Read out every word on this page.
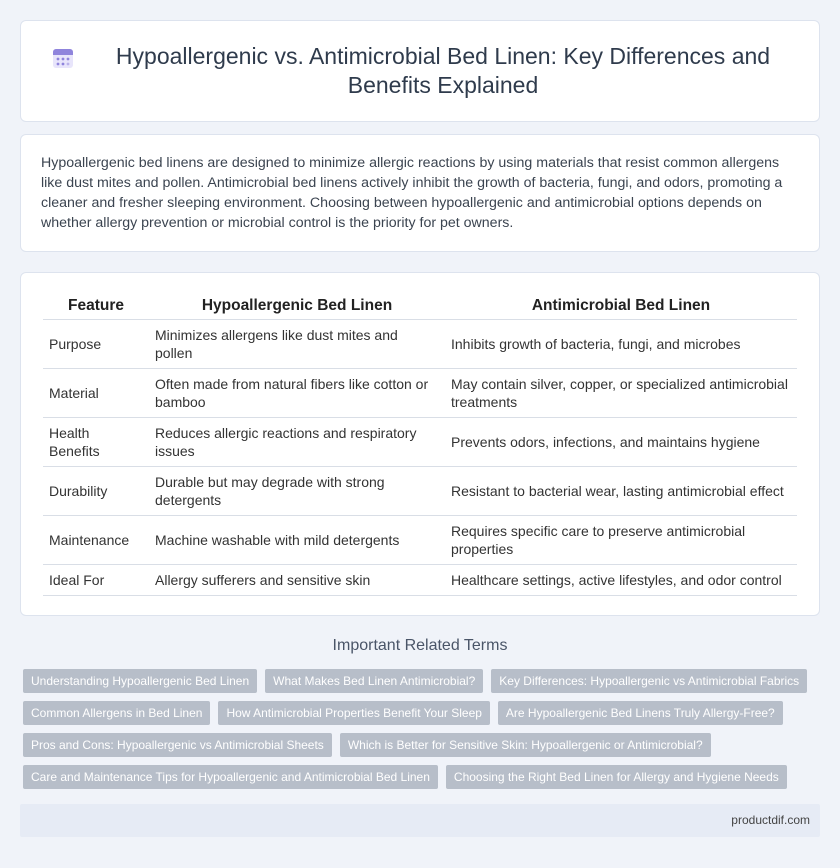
Hypoallergenic vs. Antimicrobial Bed Linen: Key Differences and Benefits Explained

Hypoallergenic bed linens are designed to minimize allergic reactions by using materials that resist common allergens like dust mites and pollen. Antimicrobial bed linens actively inhibit the growth of bacteria, fungi, and odors, promoting a cleaner and fresher sleeping environment. Choosing between hypoallergenic and antimicrobial options depends on whether allergy prevention or microbial control is the priority for pet owners.

Feature	Hypoallergenic Bed Linen	Antimicrobial Bed Linen
Purpose	Minimizes allergens like dust mites and pollen	Inhibits growth of bacteria, fungi, and microbes
Material	Often made from natural fibers like cotton or bamboo	May contain silver, copper, or specialized antimicrobial treatments
Health Benefits	Reduces allergic reactions and respiratory issues	Prevents odors, infections, and maintains hygiene
Durability	Durable but may degrade with strong detergents	Resistant to bacterial wear, lasting antimicrobial effect
Maintenance	Machine washable with mild detergents	Requires specific care to preserve antimicrobial properties
Ideal For	Allergy sufferers and sensitive skin	Healthcare settings, active lifestyles, and odor control
Important Related Terms
Understanding Hypoallergenic Bed Linen	What Makes Bed Linen Antimicrobial?	Key Differences: Hypoallergenic vs Antimicrobial Fabrics
Common Allergens in Bed Linen	How Antimicrobial Properties Benefit Your Sleep	Are Hypoallergenic Bed Linens Truly Allergy-Free?
Pros and Cons: Hypoallergenic vs Antimicrobial Sheets	Which is Better for Sensitive Skin: Hypoallergenic or Antimicrobial?
Care and Maintenance Tips for Hypoallergenic and Antimicrobial Bed Linen	Choosing the Right Bed Linen for Allergy and Hygiene Needs
productdif.com
